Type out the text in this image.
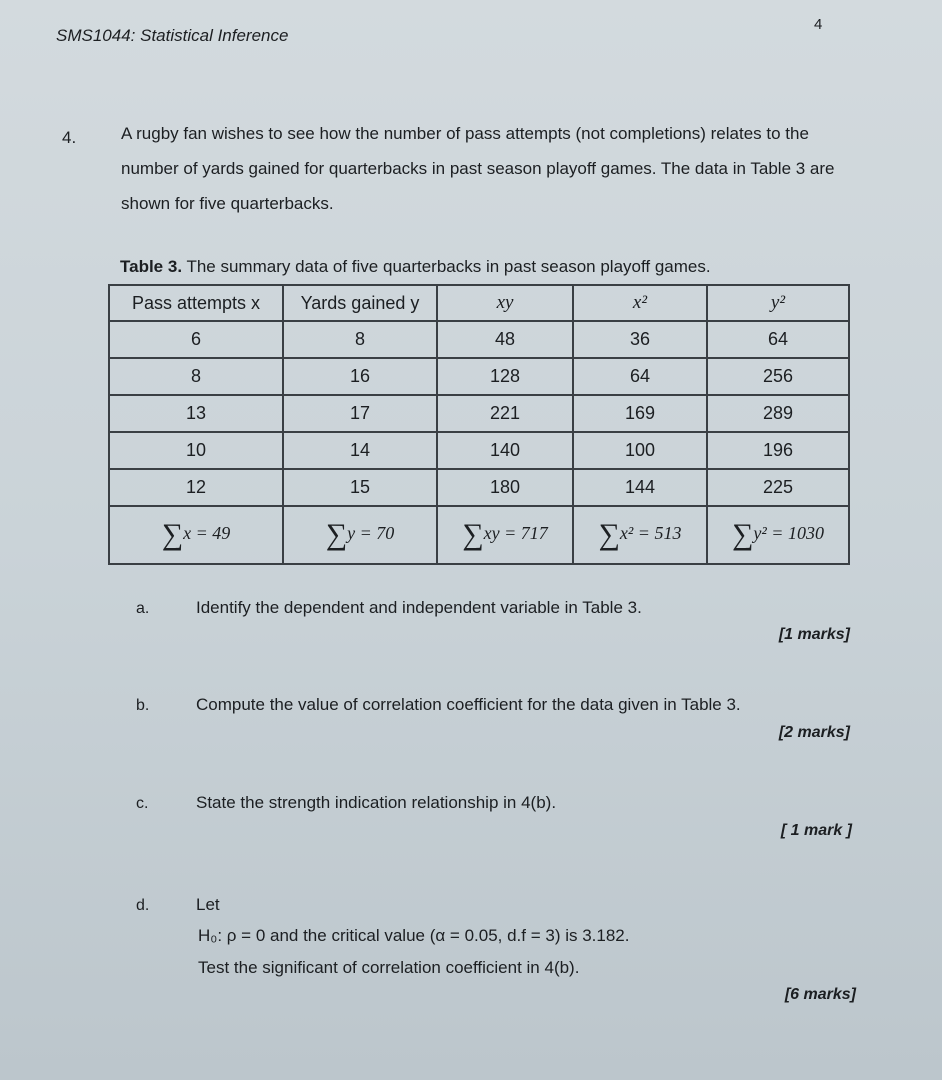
SMS1044: Statistical Inference
4
4.	A rugby fan wishes to see how the number of pass attempts (not completions) relates to the number of yards gained for quarterbacks in past season playoff games. The data in Table 3 are shown for five quarterbacks.
Table 3. The summary data of five quarterbacks in past season playoff games.
Pass attempts x	Yards gained y	xy	x²	y²
6	8	48	36	64
8	16	128	64	256
13	17	221	169	289
10	14	140	100	196
12	15	180	144	225
∑x = 49	∑y = 70	∑xy = 717	∑x² = 513	∑y² = 1030
a.	Identify the dependent and independent variable in Table 3.
[1 marks]
b.	Compute the value of correlation coefficient for the data given in Table 3.
[2 marks]
c.	State the strength indication relationship in 4(b).
[ 1 mark ]
d.	Let
[6 marks]
H₀: ρ = 0 and the critical value (α = 0.05, d.f = 3) is 3.182.
Test the significant of correlation coefficient in 4(b).
